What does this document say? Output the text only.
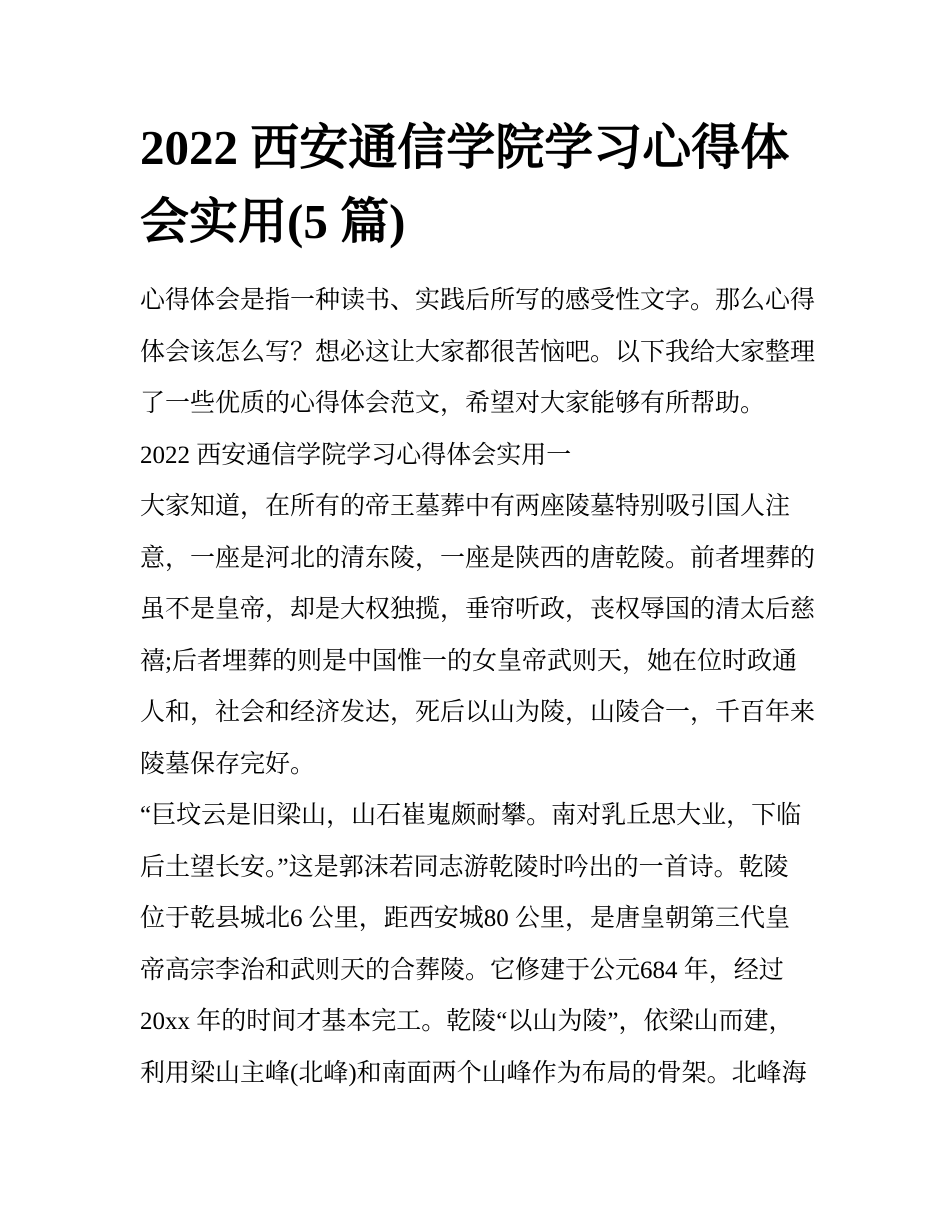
2022 西安通信学院学习心得体
会实用(5 篇)
心得体会是指一种读书、实践后所写的感受性文字。那么心得
体会该怎么写？想必这让大家都很苦恼吧。以下我给大家整理
了一些优质的心得体会范文，希望对大家能够有所帮助。
2022 西安通信学院学习心得体会实用一
大家知道，在所有的帝王墓葬中有两座陵墓特别吸引国人注
意，一座是河北的清东陵，一座是陕西的唐乾陵。前者埋葬的
虽不是皇帝，却是大权独揽，垂帘听政，丧权辱国的清太后慈
禧;后者埋葬的则是中国惟一的女皇帝武则天，她在位时政通
人和，社会和经济发达，死后以山为陵，山陵合一，千百年来
陵墓保存完好。
“巨坟云是旧梁山，山石崔嵬颇耐攀。南对乳丘思大业，下临
后土望长安。”这是郭沫若同志游乾陵时吟出的一首诗。乾陵
位于乾县城北6 公里，距西安城80 公里，是唐皇朝第三代皇
帝高宗李治和武则天的合葬陵。它修建于公元684 年，经过
20xx 年的时间才基本完工。乾陵“以山为陵”，依梁山而建，
利用梁山主峰(北峰)和南面两个山峰作为布局的骨架。北峰海
